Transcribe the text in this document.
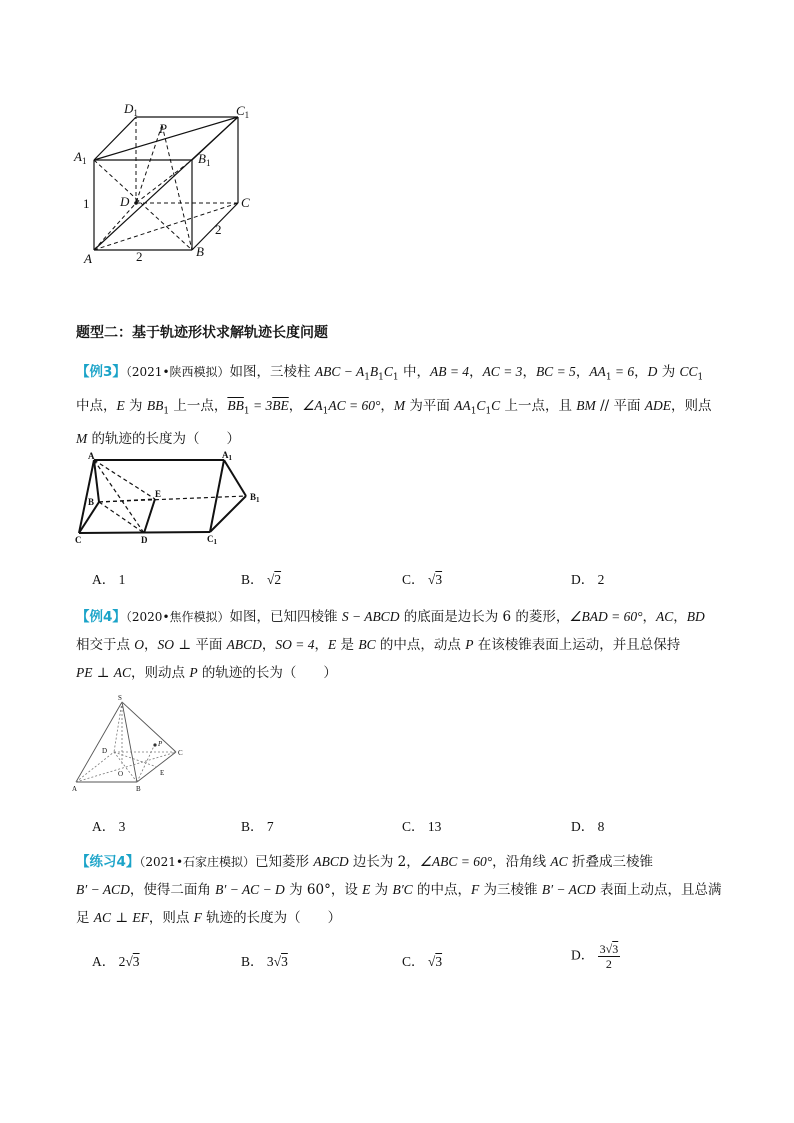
$D_1$	$C_1$
P
$A_1$	$B_1$
D	C
A	B
1
2
2
题型二：基于轨迹形状求解轨迹长度问题
【例3】（2021•陕西模拟）如图，三棱柱 ABC − $A_1B_1C_1$ 中，AB = 4，AC = 3，BC = 5，$AA_1 = 6$，D 为 $CC_1$
中点，E 为 $BB_1$ 上一点，$\overline{BB}_1 = 3\overline{BE}$，$\angle A_1AC = 60^\circ$，M 为平面 $AA_1C_1C$ 上一点，且 BM // 平面 ADE，则点
M 的轨迹的长度为（　　）
A	$A_1$
B
E	$B_1$
C	D	$C_1$
A． 1	B． √2	C． √3	D． 2
【例4】（2020•焦作模拟）如图，已知四棱锥 S − ABCD 的底面是边长为 6 的菱形，∠BAD = 60°，AC，BD
相交于点 O，SO ⊥ 平面 ABCD，SO = 4，E 是 BC 的中点，动点 P 在该棱锥表面上运动，并且总保持
PE ⊥ AC，则动点 P 的轨迹的长为（　　）
S
D
P
C
O	E
A	B
A． 3	B． 7	C． 13	D． 8
【练习4】（2021•石家庄模拟）已知菱形 ABCD 边长为 2，∠ABC = 60°，沿角线 AC 折叠成三棱锥
B′ − ACD，使得二面角 B′ − AC − D 为 60°，设 E 为 B′C 的中点，F 为三棱锥 B′ − ACD 表面上动点，且总满
足 AC ⊥ EF，则点 F 轨迹的长度为（　　）
A． 2√3	B． 3√3	C． √3	D． $\frac{3√3}{2}$
